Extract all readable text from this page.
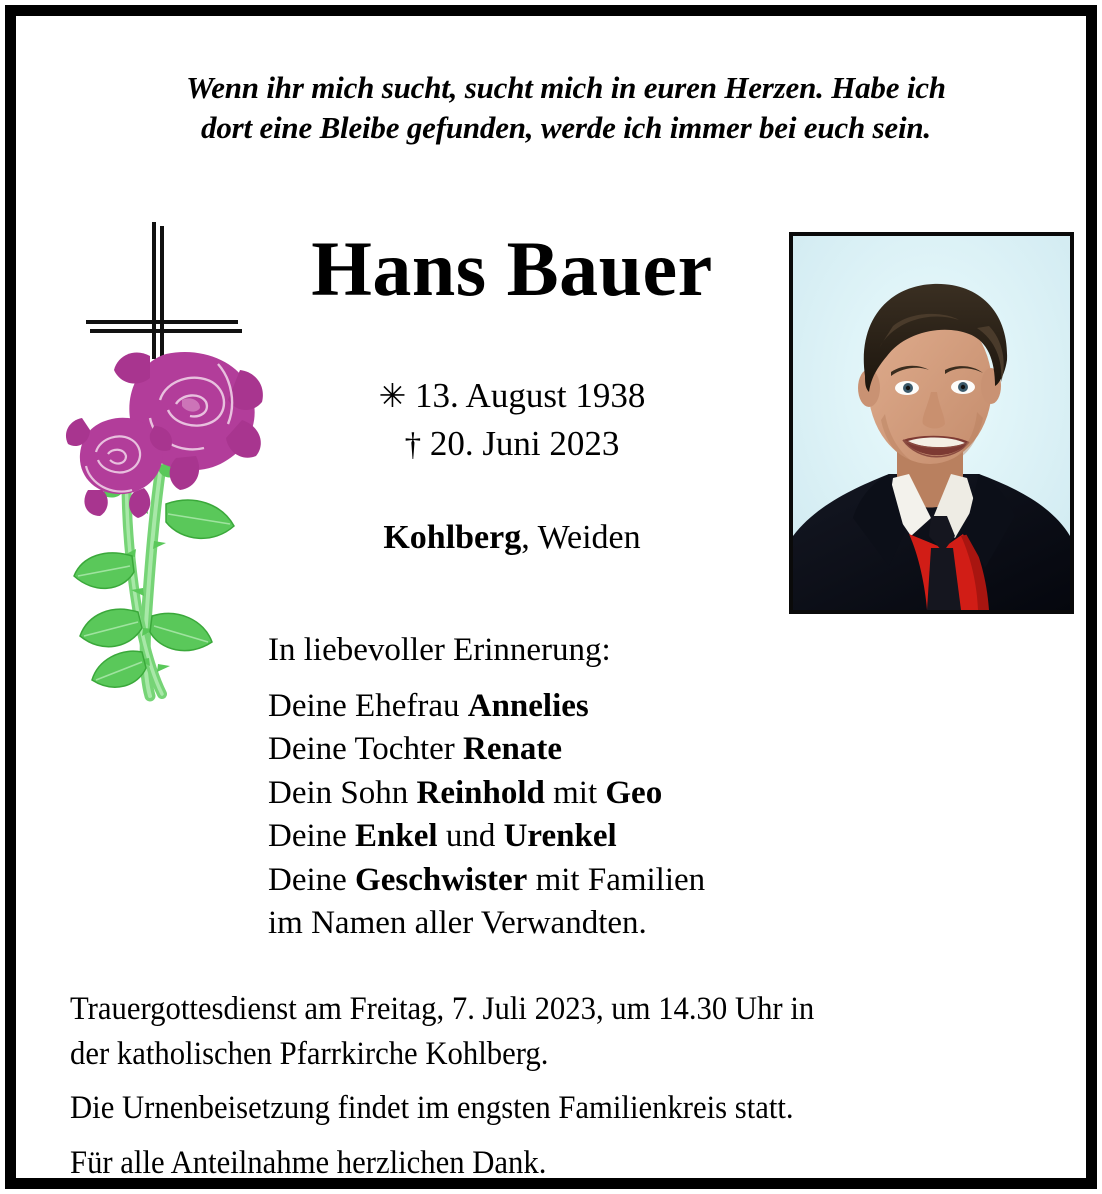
Wenn ihr mich sucht, sucht mich in euren Herzen. Habe ich
dort eine Bleibe gefunden, werde ich immer bei euch sein.
Hans Bauer
✳ 13. August 1938
† 20. Juni 2023
Kohlberg, Weiden
In liebevoller Erinnerung:
Deine Ehefrau Annelies
Deine Tochter Renate
Dein Sohn Reinhold mit Geo
Deine Enkel und Urenkel
Deine Geschwister mit Familien
im Namen aller Verwandten.

Trauergottesdienst am Freitag, 7. Juli 2023, um 14.30 Uhr in

der katholischen Pfarrkirche Kohlberg.

Die Urnenbeisetzung findet im engsten Familienkreis statt.

Für alle Anteilnahme herzlichen Dank.
